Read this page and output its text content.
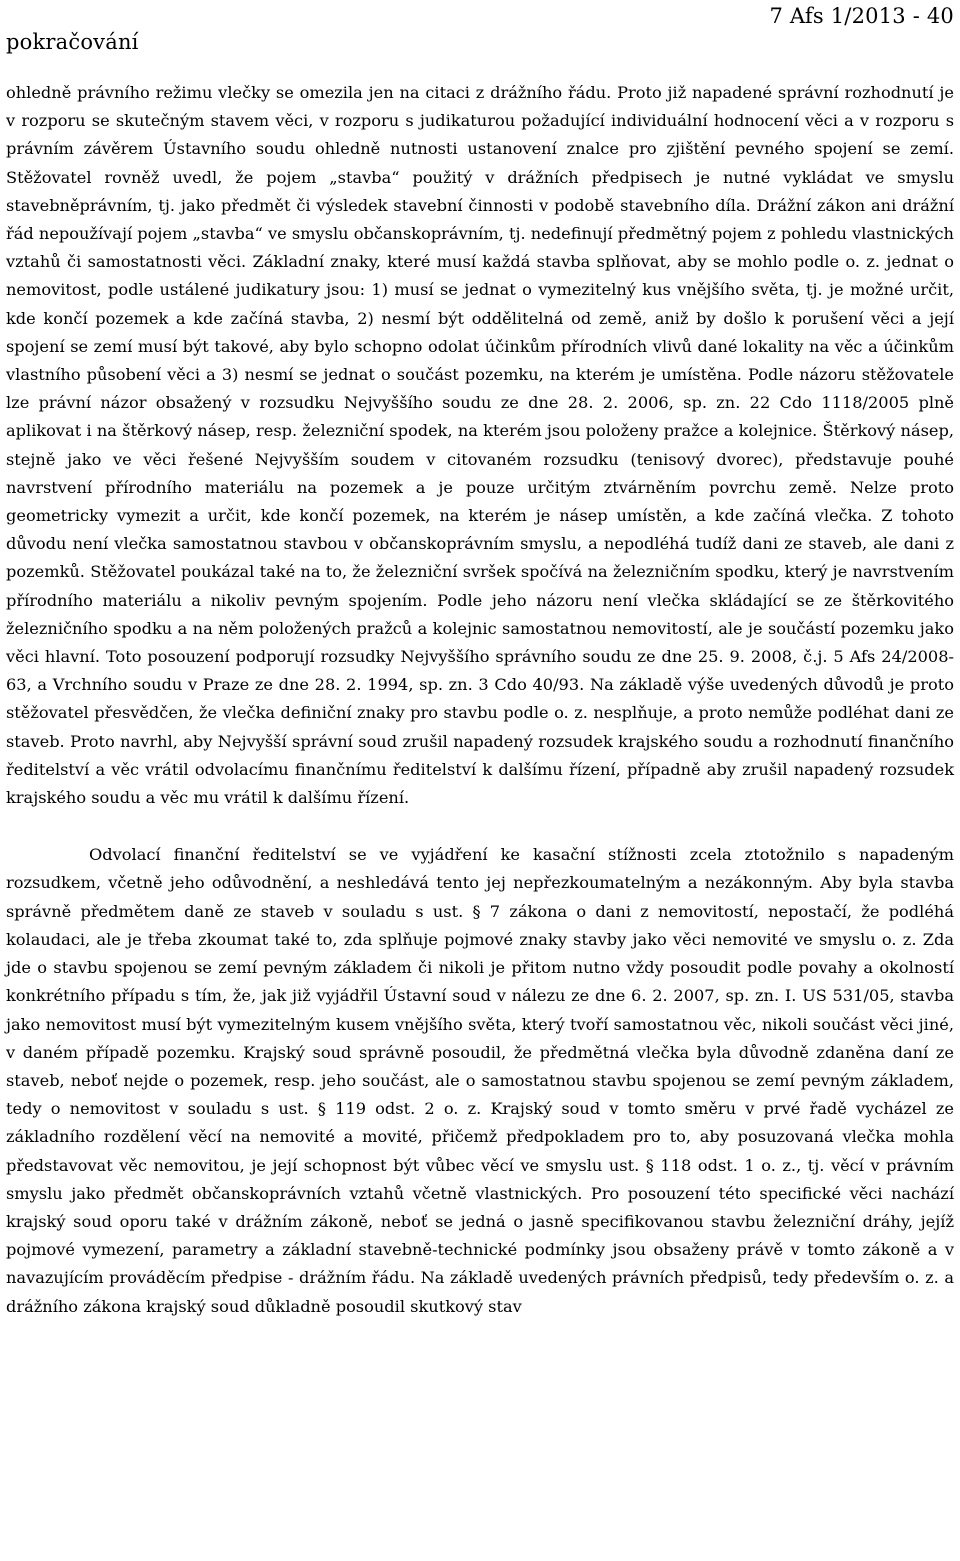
pokračování
7 Afs 1/2013 - 40

ohledně právního režimu vlečky se omezila jen na citaci z drážního řádu. Proto již napadené správní rozhodnutí je v rozporu se skutečným stavem věci, v rozporu s judikaturou požadující individuální hodnocení věci a v rozporu s právním závěrem Ústavního soudu ohledně nutnosti ustanovení znalce pro zjištění pevného spojení se zemí. Stěžovatel rovněž uvedl, že pojem „stavba“ použitý v drážních předpisech je nutné vykládat ve smyslu stavebněprávním, tj. jako předmět či výsledek stavební činnosti v podobě stavebního díla. Drážní zákon ani drážní řád nepoužívají pojem „stavba“ ve smyslu občanskoprávním, tj. nedefinují předmětný pojem z pohledu vlastnických vztahů či samostatnosti věci. Základní znaky, které musí každá stavba splňovat, aby se mohlo podle o. z. jednat o nemovitost, podle ustálené judikatury jsou: 1) musí se jednat o vymezitelný kus vnějšího světa, tj. je možné určit, kde končí pozemek a kde začíná stavba, 2) nesmí být oddělitelná od země, aniž by došlo k porušení věci a její spojení se zemí musí být takové, aby bylo schopno odolat účinkům přírodních vlivů dané lokality na věc a účinkům vlastního působení věci a 3) nesmí se jednat o součást pozemku, na kterém je umístěna. Podle názoru stěžovatele lze právní názor obsažený v rozsudku Nejvyššího soudu ze dne 28. 2. 2006, sp. zn. 22 Cdo 1118/2005 plně aplikovat i na štěrkový násep, resp. železniční spodek, na kterém jsou položeny pražce a kolejnice. Štěrkový násep, stejně jako ve věci řešené Nejvyšším soudem v citovaném rozsudku (tenisový dvorec), představuje pouhé navrstvení přírodního materiálu na pozemek a je pouze určitým ztvárněním povrchu země. Nelze proto geometricky vymezit a určit, kde končí pozemek, na kterém je násep umístěn, a kde začíná vlečka. Z tohoto důvodu není vlečka samostatnou stavbou v občanskoprávním smyslu, a nepodléhá tudíž dani ze staveb, ale dani z pozemků. Stěžovatel poukázal také na to, že železniční svršek spočívá na železničním spodku, který je navrstvením přírodního materiálu a nikoliv pevným spojením. Podle jeho názoru není vlečka skládající se ze štěrkovitého železničního spodku a na něm položených pražců a kolejnic samostatnou nemovitostí, ale je součástí pozemku jako věci hlavní. Toto posouzení podporují rozsudky Nejvyššího správního soudu ze dne 25. 9. 2008, č.j. 5 Afs 24/2008-63, a Vrchního soudu v Praze ze dne 28. 2. 1994, sp. zn. 3 Cdo 40/93. Na základě výše uvedených důvodů je proto stěžovatel přesvědčen, že vlečka definiční znaky pro stavbu podle o. z. nesplňuje, a proto nemůže podléhat dani ze staveb. Proto navrhl, aby Nejvyšší správní soud zrušil napadený rozsudek krajského soudu a rozhodnutí finančního ředitelství a věc vrátil odvolacímu finančnímu ředitelství k dalšímu řízení, případně aby zrušil napadený rozsudek krajského soudu a věc mu vrátil k dalšímu řízení.

Odvolací finanční ředitelství se ve vyjádření ke kasační stížnosti zcela ztotožnilo s napadeným rozsudkem, včetně jeho odůvodnění, a neshledává tento jej nepřezkoumatelným a nezákonným. Aby byla stavba správně předmětem daně ze staveb v souladu s ust. § 7 zákona o dani z nemovitostí, nepostačí, že podléhá kolaudaci, ale je třeba zkoumat také to, zda splňuje pojmové znaky stavby jako věci nemovité ve smyslu o. z. Zda jde o stavbu spojenou se zemí pevným základem či nikoli je přitom nutno vždy posoudit podle povahy a okolností konkrétního případu s tím, že, jak již vyjádřil Ústavní soud v nálezu ze dne 6. 2. 2007, sp. zn. I. US 531/05, stavba jako nemovitost musí být vymezitelným kusem vnějšího světa, který tvoří samostatnou věc, nikoli součást věci jiné, v daném případě pozemku. Krajský soud správně posoudil, že předmětná vlečka byla důvodně zdaněna daní ze staveb, neboť nejde o pozemek, resp. jeho součást, ale o samostatnou stavbu spojenou se zemí pevným základem, tedy o nemovitost v souladu s ust. § 119 odst. 2 o. z. Krajský soud v tomto směru v prvé řadě vycházel ze základního rozdělení věcí na nemovité a movité, přičemž předpokladem pro to, aby posuzovaná vlečka mohla představovat věc nemovitou, je její schopnost být vůbec věcí ve smyslu ust. § 118 odst. 1 o. z., tj. věcí v právním smyslu jako předmět občanskoprávních vztahů včetně vlastnických. Pro posouzení této specifické věci nachází krajský soud oporu také v drážním zákoně, neboť se jedná o jasně specifikovanou stavbu železniční dráhy, jejíž pojmové vymezení, parametry a základní stavebně-technické podmínky jsou obsaženy právě v tomto zákoně a v navazujícím prováděcím předpise - drážním řádu. Na základě uvedených právních předpisů, tedy především o. z. a drážního zákona krajský soud důkladně posoudil skutkový stav
